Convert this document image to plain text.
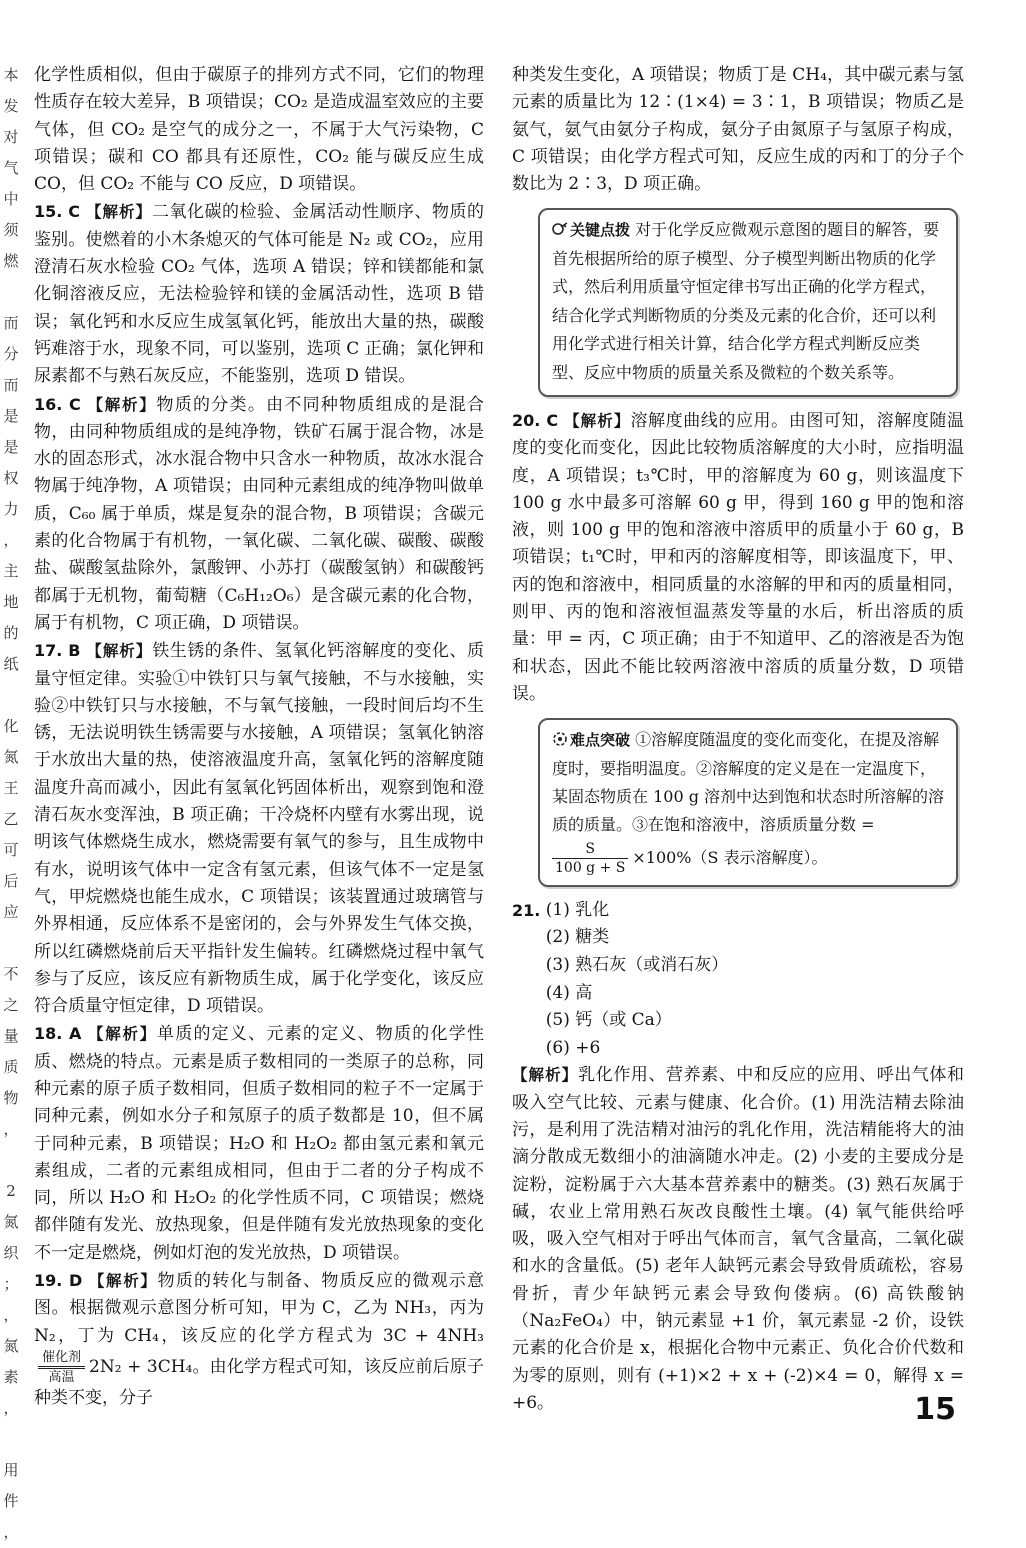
本
发
对
气
中
须
燃

而
分
而
是
是
权
力
，
主
地
的
纸

化
氮
王
乙
可
后
应

不
之
量
质
物
，

2
氮
织
；
，
氮
素
，

用
件
，

化学性质相似，但由于碳原子的排列方式不同，它们的物理性质存在较大差异，B 项错误；CO₂ 是造成温室效应的主要气体，但 CO₂ 是空气的成分之一，不属于大气污染物，C 项错误；碳和 CO 都具有还原性，CO₂ 能与碳反应生成 CO，但 CO₂ 不能与 CO 反应，D 项错误。

15. C 【解析】二氧化碳的检验、金属活动性顺序、物质的鉴别。使燃着的小木条熄灭的气体可能是 N₂ 或 CO₂，应用澄清石灰水检验 CO₂ 气体，选项 A 错误；锌和镁都能和氯化铜溶液反应，无法检验锌和镁的金属活动性，选项 B 错误；氧化钙和水反应生成氢氧化钙，能放出大量的热，碳酸钙难溶于水，现象不同，可以鉴别，选项 C 正确；氯化钾和尿素都不与熟石灰反应，不能鉴别，选项 D 错误。

16. C 【解析】物质的分类。由不同种物质组成的是混合物，由同种物质组成的是纯净物，铁矿石属于混合物，冰是水的固态形式，冰水混合物中只含水一种物质，故冰水混合物属于纯净物，A 项错误；由同种元素组成的纯净物叫做单质，C₆₀ 属于单质，煤是复杂的混合物，B 项错误；含碳元素的化合物属于有机物，一氧化碳、二氧化碳、碳酸、碳酸盐、碳酸氢盐除外，氯酸钾、小苏打（碳酸氢钠）和碳酸钙都属于无机物，葡萄糖（C₆H₁₂O₆）是含碳元素的化合物，属于有机物，C 项正确，D 项错误。

17. B 【解析】铁生锈的条件、氢氧化钙溶解度的变化、质量守恒定律。实验①中铁钉只与氧气接触，不与水接触，实验②中铁钉只与水接触，不与氧气接触，一段时间后均不生锈，无法说明铁生锈需要与水接触，A 项错误；氢氧化钠溶于水放出大量的热，使溶液温度升高，氢氧化钙的溶解度随温度升高而减小，因此有氢氧化钙固体析出，观察到饱和澄清石灰水变浑浊，B 项正确；干冷烧杯内壁有水雾出现，说明该气体燃烧生成水，燃烧需要有氧气的参与，且生成物中有水，说明该气体中一定含有氢元素，但该气体不一定是氢气，甲烷燃烧也能生成水，C 项错误；该装置通过玻璃管与外界相通，反应体系不是密闭的，会与外界发生气体交换，所以红磷燃烧前后天平指针发生偏转。红磷燃烧过程中氧气参与了反应，该反应有新物质生成，属于化学变化，该反应符合质量守恒定律，D 项错误。

18. A 【解析】单质的定义、元素的定义、物质的化学性质、燃烧的特点。元素是质子数相同的一类原子的总称，同种元素的原子质子数相同，但质子数相同的粒子不一定属于同种元素，例如水分子和氖原子的质子数都是 10，但不属于同种元素，B 项错误；H₂O 和 H₂O₂ 都由氢元素和氧元素组成，二者的元素组成相同，但由于二者的分子构成不同，所以 H₂O 和 H₂O₂ 的化学性质不同，C 项错误；燃烧都伴随有发光、放热现象，但是伴随有发光放热现象的变化不一定是燃烧，例如灯泡的发光放热，D 项错误。

19. D 【解析】物质的转化与制备、物质反应的微观示意图。根据微观示意图分析可知，甲为 C，乙为 NH₃，丙为 N₂，丁为 CH₄，该反应的化学方程式为 3C + 4NH₃
催化剂
高温
2N₂ + 3CH₄。由化学方程式可知，该反应前后原子种类不变，分子

种类发生变化，A 项错误；物质丁是 CH₄，其中碳元素与氢元素的质量比为 12∶(1×4) = 3∶1，B 项错误；物质乙是氨气，氨气由氨分子构成，氨分子由氮原子与氢原子构成，C 项错误；由化学方程式可知，反应生成的丙和丁的分子个数比为 2∶3，D 项正确。

关键点拨 对于化学反应微观示意图的题目的解答，要首先根据所给的原子模型、分子模型判断出物质的化学式，然后利用质量守恒定律书写出正确的化学方程式，结合化学式判断物质的分类及元素的化合价，还可以利用化学式进行相关计算，结合化学方程式判断反应类型、反应中物质的质量关系及微粒的个数关系等。

20. C 【解析】溶解度曲线的应用。由图可知，溶解度随温度的变化而变化，因此比较物质溶解度的大小时，应指明温度，A 项错误；t₃℃时，甲的溶解度为 60 g，则该温度下 100 g 水中最多可溶解 60 g 甲，得到 160 g 甲的饱和溶液，则 100 g 甲的饱和溶液中溶质甲的质量小于 60 g，B 项错误；t₁℃时，甲和丙的溶解度相等，即该温度下，甲、丙的饱和溶液中，相同质量的水溶解的甲和丙的质量相同，则甲、丙的饱和溶液恒温蒸发等量的水后，析出溶质的质量：甲 = 丙，C 项正确；由于不知道甲、乙的溶液是否为饱和状态，因此不能比较两溶液中溶质的质量分数，D 项错误。

难点突破 ①溶解度随温度的变化而变化，在提及溶解度时，要指明温度。②溶解度的定义是在一定温度下，某固态物质在 100 g 溶剂中达到饱和状态时所溶解的溶质的质量。③在饱和溶液中，溶质质量分数 =
$\frac{S}{100 g + S} \times 100\%(S$ 表示溶解度）。
21. (1) 乳化
(2) 糖类
(3) 熟石灰（或消石灰）
(4) 高
(5) 钙（或 Ca）
(6) +6

【解析】乳化作用、营养素、中和反应的应用、呼出气体和吸入空气比较、元素与健康、化合价。(1) 用洗洁精去除油污，是利用了洗洁精对油污的乳化作用，洗洁精能将大的油滴分散成无数细小的油滴随水冲走。(2) 小麦的主要成分是淀粉，淀粉属于六大基本营养素中的糖类。(3) 熟石灰属于碱，农业上常用熟石灰改良酸性土壤。(4) 氧气能供给呼吸，吸入空气相对于呼出气体而言，氧气含量高，二氧化碳和水的含量低。(5) 老年人缺钙元素会导致骨质疏松，容易骨折，青少年缺钙元素会导致佝偻病。(6) 高铁酸钠（Na₂FeO₄）中，钠元素显 +1 价，氧元素显 -2 价，设铁元素的化合价是 x，根据化合物中元素正、负化合价代数和为零的原则，则有 (+1)×2 + x + (-2)×4 = 0，解得 x = +6。	15
